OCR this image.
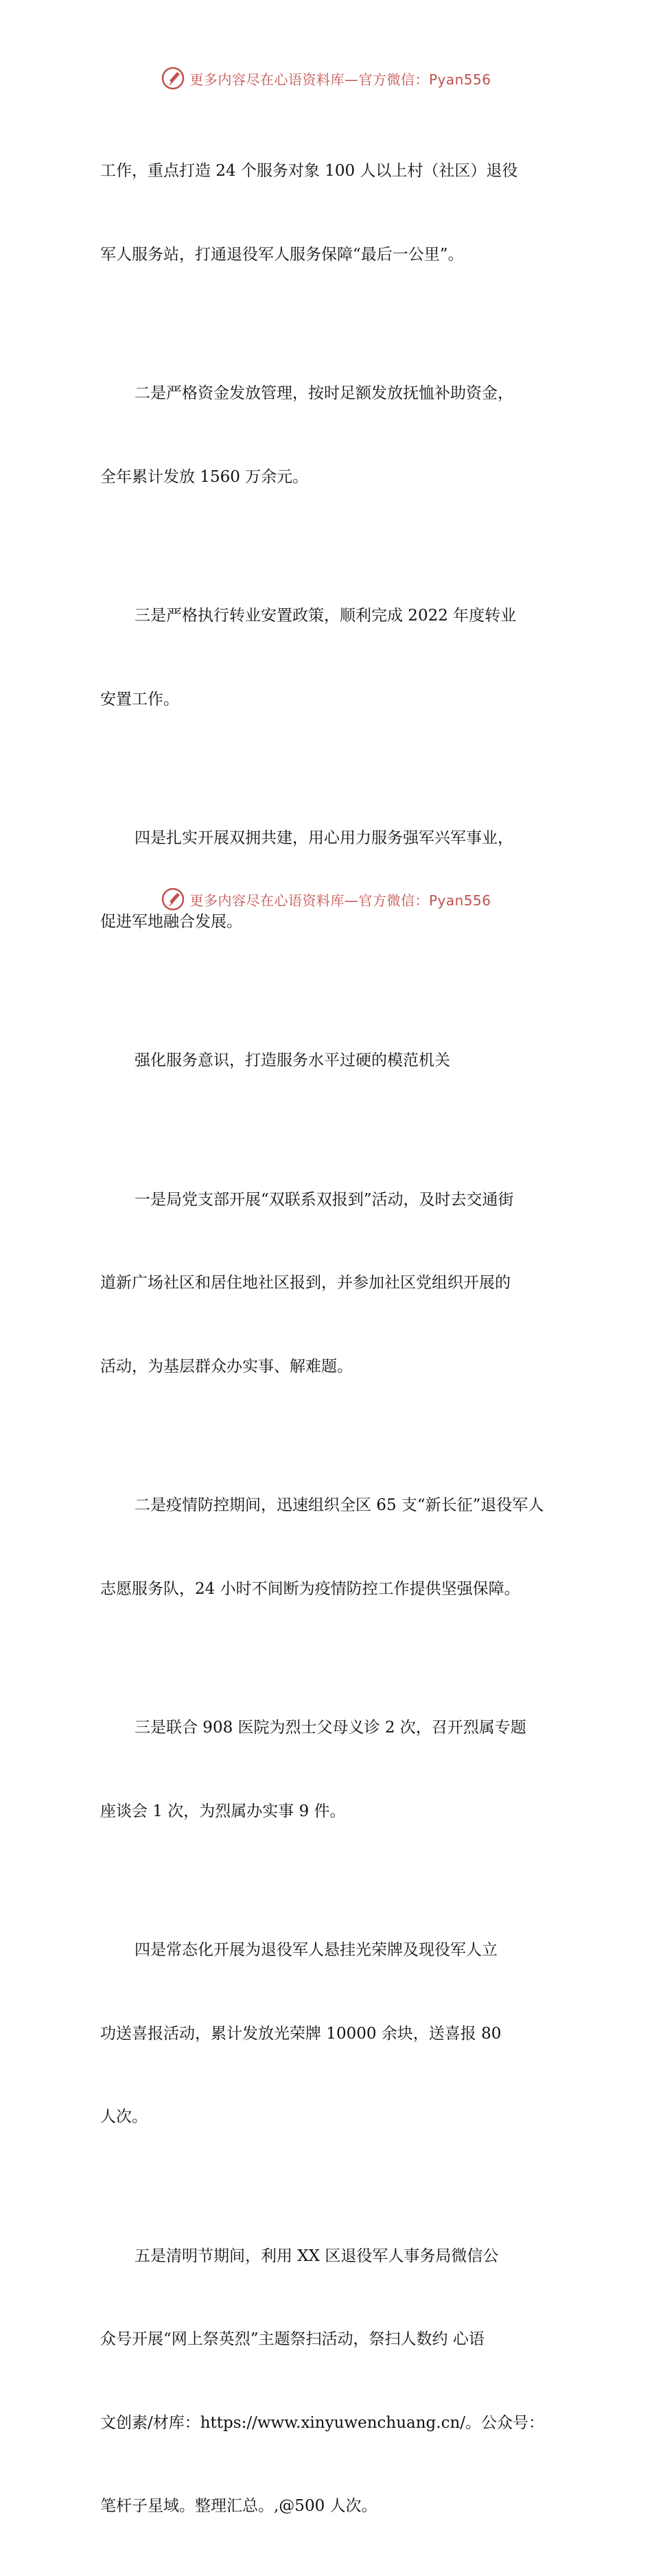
更多内容尽在心语资料库—官方微信：Pyan556

工作，重点打造 24 个服务对象 100 人以上村（社区）退役

军人服务站，打通退役军人服务保障“最后一公里”。

二是严格资金发放管理，按时足额发放抚恤补助资金，

全年累计发放 1560 万余元。

三是严格执行转业安置政策，顺利完成 2022 年度转业

安置工作。

四是扎实开展双拥共建，用心用力服务强军兴军事业，

促进军地融合发展。

强化服务意识，打造服务水平过硬的模范机关

一是局党支部开展“双联系双报到”活动，及时去交通街

道新广场社区和居住地社区报到，并参加社区党组织开展的

活动，为基层群众办实事、解难题。

二是疫情防控期间，迅速组织全区 65 支“新长征”退役军人

志愿服务队，24 小时不间断为疫情防控工作提供坚强保障。

三是联合 908 医院为烈士父母义诊 2 次，召开烈属专题

座谈会 1 次，为烈属办实事 9 件。

四是常态化开展为退役军人悬挂光荣牌及现役军人立

功送喜报活动，累计发放光荣牌 10000 余块，送喜报 80

人次。

五是清明节期间，利用 XX 区退役军人事务局微信公

众号开展“网上祭英烈”主题祭扫活动，祭扫人数约 心语

文创素/材库：https://www.xinyuwenchuang.cn/。公众号：

笔杆子星域。整理汇总。,@500 人次。

更多内容尽在心语资料库—官方微信：Pyan556
